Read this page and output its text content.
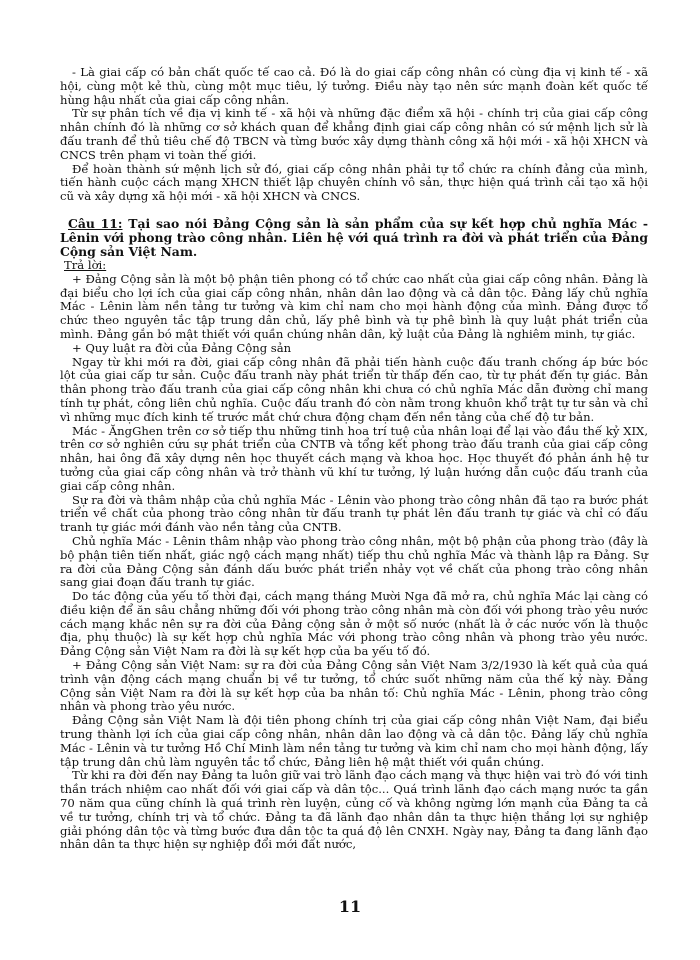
- Là giai cấp có bản chất quốc tế cao cả. Đó là do giai cấp công nhân có cùng địa vị kinh tế - xã hội, cùng một kẻ thù, cùng một mục tiêu, lý tưởng. Điều này tạo nên sức mạnh đoàn kết quốc tế hùng hậu nhất của giai cấp công nhân.

Từ sự phân tích về địa vị kinh tế - xã hội và những đặc điểm xã hội - chính trị của giai cấp công nhân chính đó là những cơ sở khách quan để khẳng định giai cấp công nhân có sứ mệnh lịch sử là đấu tranh để thủ tiêu chế độ TBCN và từng bước xây dựng thành công xã hội mới - xã hội XHCN và CNCS trên phạm vi toàn thế giới.

Để hoàn thành sứ mệnh lịch sử đó, giai cấp công nhân phải tự tổ chức ra chính đảng của mình, tiến hành cuộc cách mạng XHCN thiết lập chuyên chính vô sản, thực hiện quá trình cải tạo xã hội cũ và xây dựng xã hội mới - xã hội XHCN và CNCS.

Câu 11: Tại sao nói Đảng Cộng sản là sản phẩm của sự kết hợp chủ nghĩa Mác - Lênin với phong trào công nhân. Liên hệ với quá trình ra đời và phát triển của Đảng Cộng sản Việt Nam.

Trả lời:

+ Đảng Cộng sản là một bộ phận tiên phong có tổ chức cao nhất của giai cấp công nhân. Đảng là đại biểu cho lợi ích của giai cấp công nhân, nhân dân lao động và cả dân tộc. Đảng lấy chủ nghĩa Mác - Lênin làm nền tảng tư tưởng và kim chỉ nam cho mọi hành động của mình. Đảng được tổ chức theo nguyên tắc tập trung dân chủ, lấy phê bình và tự phê bình là quy luật phát triển của mình. Đảng gắn bó mật thiết với quần chúng nhân dân, kỷ luật của Đảng là nghiêm minh, tự giác.

+ Quy luật ra đời của Đảng Cộng sản

Ngay từ khi mới ra đời, giai cấp công nhân đã phải tiến hành cuộc đấu tranh chống áp bức bóc lột của giai cấp tư sản. Cuộc đấu tranh này phát triển từ thấp đến cao, từ tự phát đến tự giác. Bản thân phong trào đấu tranh của giai cấp công nhân khi chưa có chủ nghĩa Mác dẫn đường chỉ mang tính tự phát, công liên chủ nghĩa. Cuộc đấu tranh đó còn nằm trong khuôn khổ trật tự tư sản và chỉ vì những mục đích kinh tế trước mắt chứ chưa động chạm đến nền tảng của chế độ tư bản.

Mác - ĂngGhen trên cơ sở tiếp thu những tinh hoa trí tuệ của nhân loại để lại vào đầu thế kỷ XIX, trên cơ sở nghiên cứu sự phát triển của CNTB và tổng kết phong trào đấu tranh của giai cấp công nhân, hai ông đã xây dựng nên học thuyết cách mạng và khoa học. Học thuyết đó phản ánh hệ tư tưởng của giai cấp công nhân và trở thành vũ khí tư tưởng, lý luận hướng dẫn cuộc đấu tranh của giai cấp công nhân.

Sự ra đời và thâm nhập của chủ nghĩa Mác - Lênin vào phong trào công nhân đã tạo ra bước phát triển về chất của phong trào công nhân từ đấu tranh tự phát lên đấu tranh tự giác và chỉ có đấu tranh tự giác mới đánh vào nền tảng của CNTB.

Chủ nghĩa Mác - Lênin thâm nhập vào phong trào công nhân, một bộ phận của phong trào (đây là bộ phận tiên tiến nhất, giác ngộ cách mạng nhất) tiếp thu chủ nghĩa Mác và thành lập ra Đảng. Sự ra đời của Đảng Cộng sản đánh dấu bước phát triển nhảy vọt về chất của phong trào công nhân sang giai đoạn đấu tranh tự giác.

Do tác động của yếu tố thời đại, cách mạng tháng Mười Nga đã mở ra, chủ nghĩa Mác lại càng có điều kiện để ăn sâu chẳng những đối với phong trào công nhân mà còn đối với phong trào yêu nước cách mạng khắc nên sự ra đời của Đảng cộng sản ở một số nước (nhất là ở các nước vốn là thuộc địa, phụ thuộc) là sự kết hợp chủ nghĩa Mác với phong trào công nhân và phong trào yêu nước. Đảng Cộng sản Việt Nam ra đời là sự kết hợp của ba yếu tố đó.

+ Đảng Cộng sản Việt Nam: sự ra đời của Đảng Cộng sản Việt Nam 3/2/1930 là kết quả của quá trình vận động cách mạng chuẩn bị về tư tưởng, tổ chức suốt những năm của thế kỷ này. Đảng Cộng sản Việt Nam ra đời là sự kết hợp của ba nhân tố: Chủ nghĩa Mác - Lênin, phong trào công nhân và phong trào yêu nước.

Đảng Cộng sản Việt Nam là đội tiên phong chính trị của giai cấp công nhân Việt Nam, đại biểu trung thành lợi ích của giai cấp công nhân, nhân dân lao động và cả dân tộc. Đảng lấy chủ nghĩa Mác - Lênin và tư tưởng Hồ Chí Minh làm nền tảng tư tưởng và kim chỉ nam cho mọi hành động, lấy tập trung dân chủ làm nguyên tắc tổ chức, Đảng liên hệ mật thiết với quần chúng.

Từ khi ra đời đến nay Đảng ta luôn giữ vai trò lãnh đạo cách mạng và thực hiện vai trò đó với tinh thần trách nhiệm cao nhất đối với giai cấp và dân tộc... Quá trình lãnh đạo cách mạng nước ta gần 70 năm qua cũng chính là quá trình rèn luyện, củng cố và không ngừng lớn mạnh của Đảng ta cả về tư tưởng, chính trị và tổ chức. Đảng ta đã lãnh đạo nhân dân ta thực hiện thắng lợi sự nghiệp giải phóng dân tộc và từng bước đưa dân tộc ta quá độ lên CNXH. Ngày nay, Đảng ta đang lãnh đạo nhân dân ta thực hiện sự nghiệp đổi mới đất nước,

11
